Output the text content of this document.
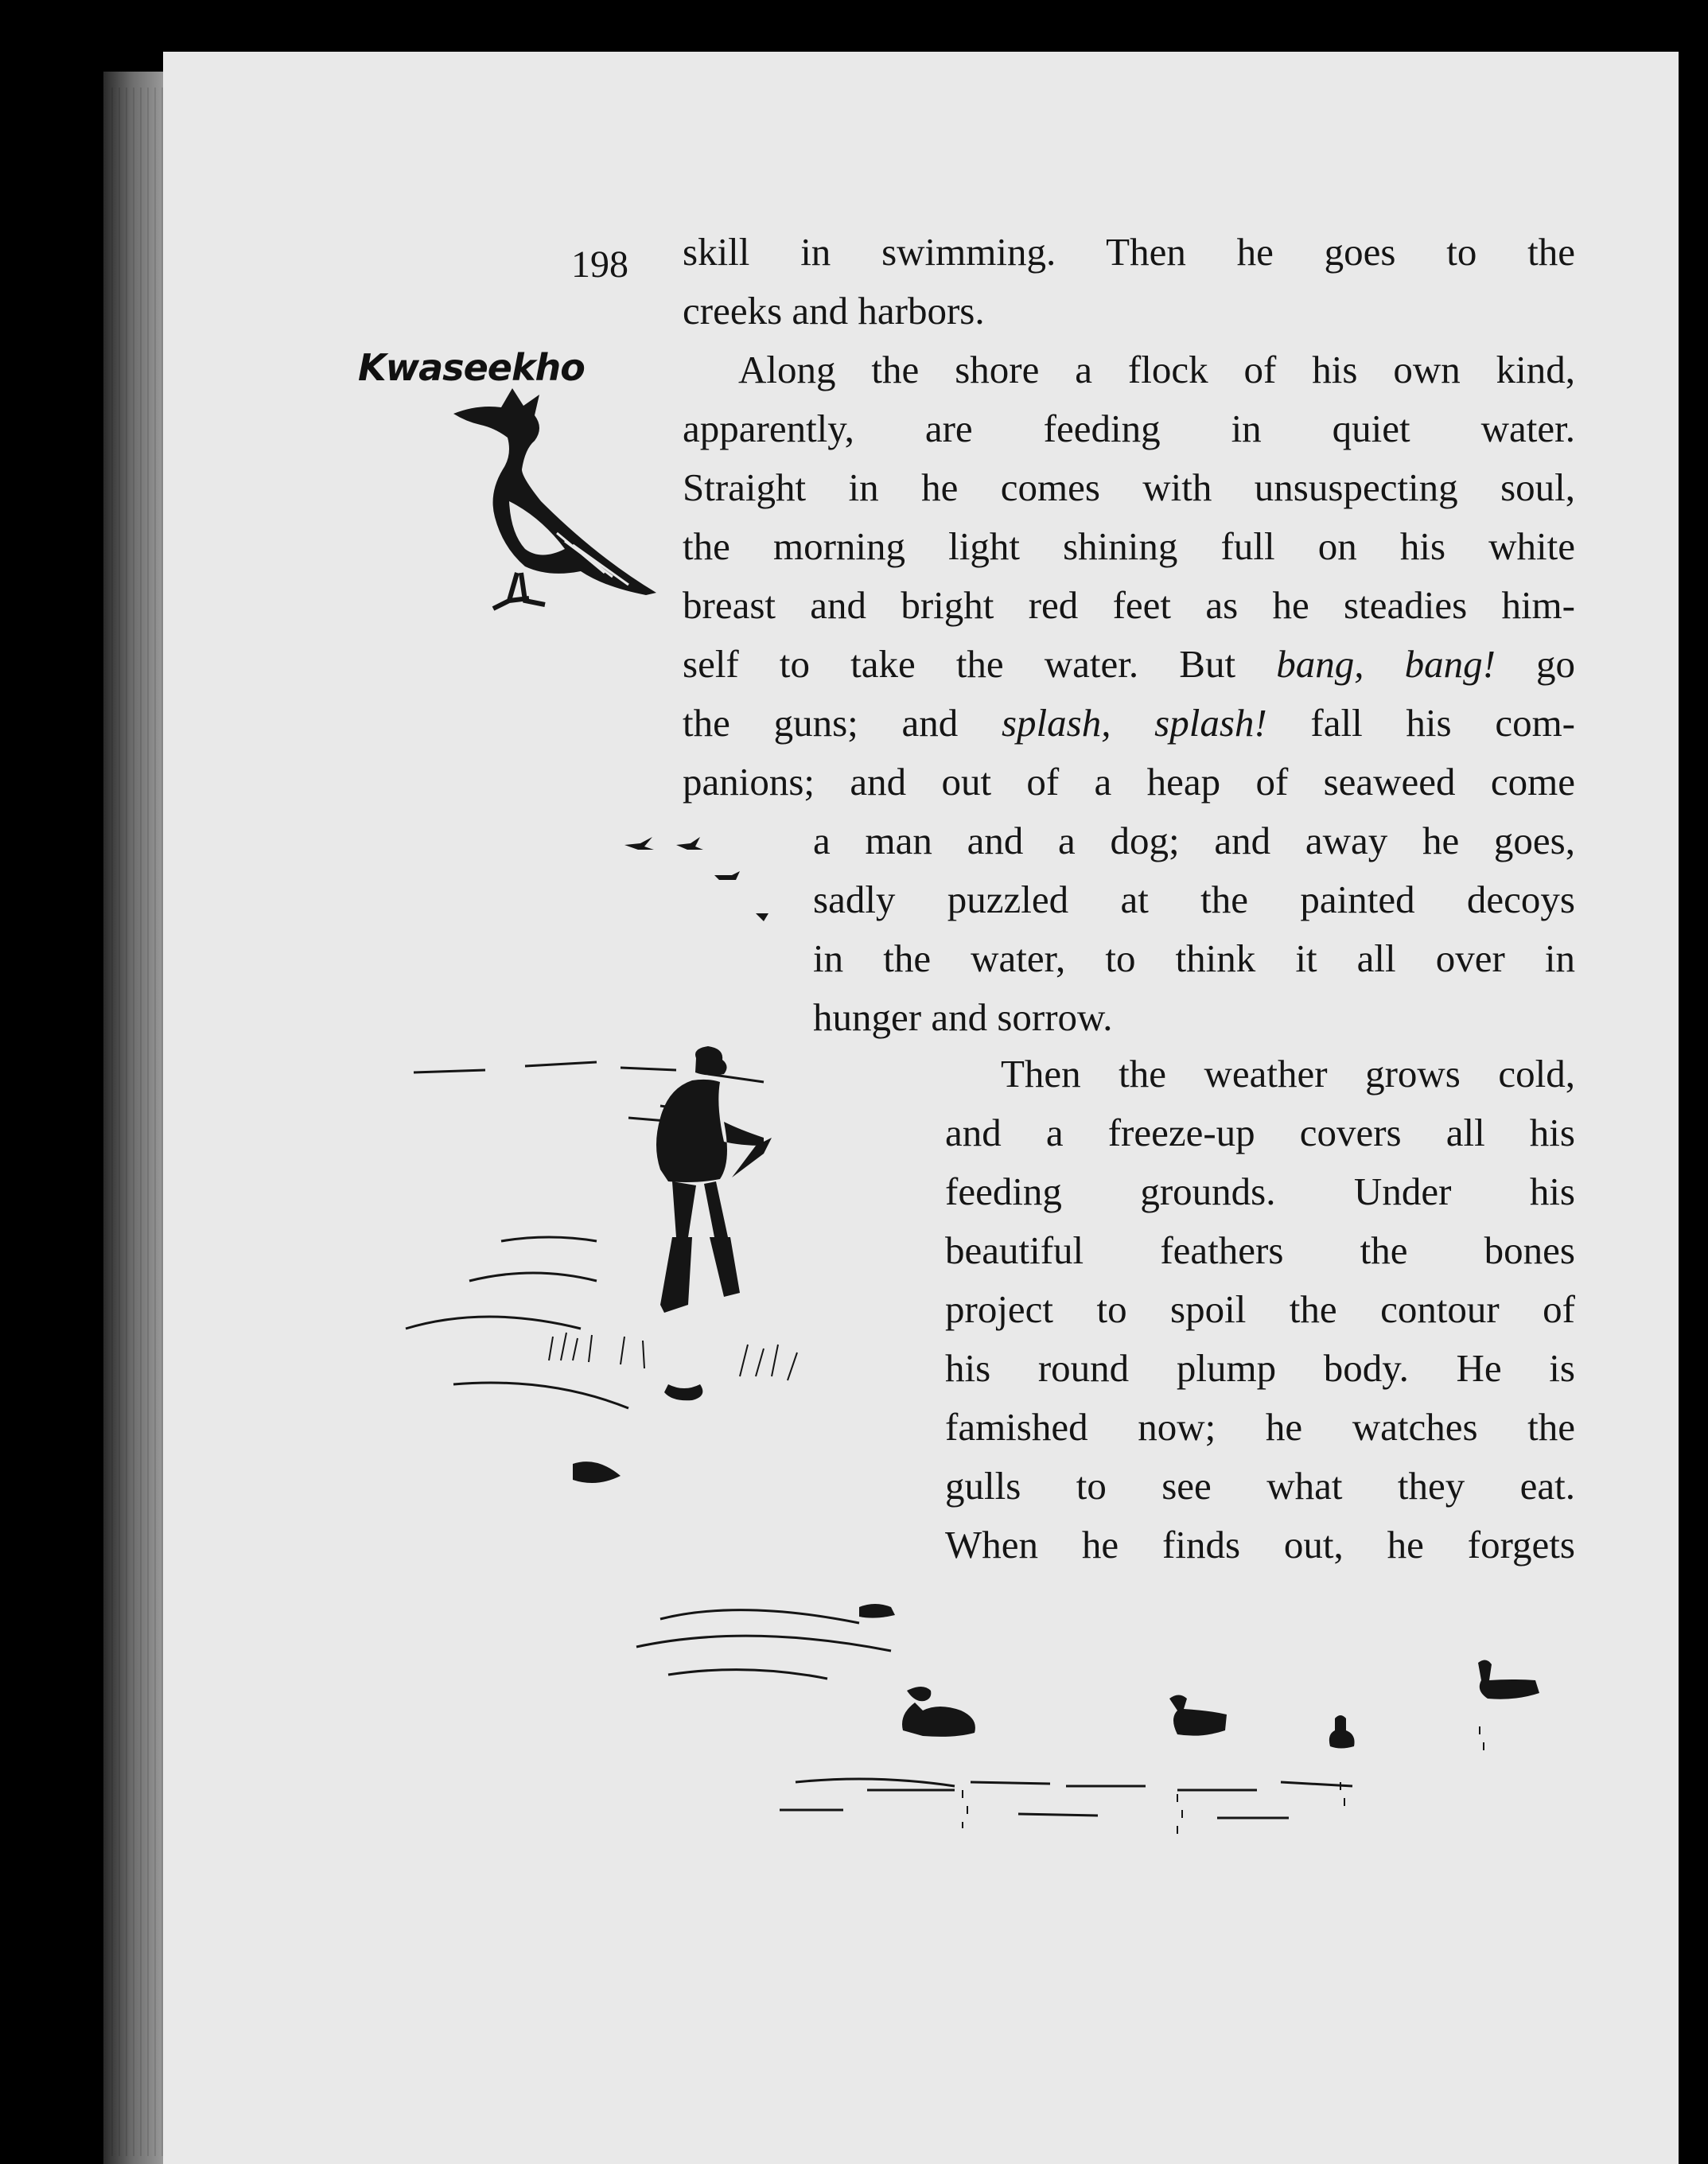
198
Kwaseekho
skill in swimming. Then he goes to the
creeks and harbors.
Along the shore a flock of his own kind,
apparently, are feeding in quiet water.
Straight in he comes with unsuspecting soul,
the morning light shining full on his white
breast and bright red feet as he steadies him-
self to take the water. But bang, bang! go
the guns; and splash, splash! fall his com-
panions; and out of a heap of seaweed come
a man and a dog; and away he goes,
sadly puzzled at the painted decoys
in the water, to think it all over in
hunger and sorrow.
Then the weather grows cold,
and a freeze-up covers all his
feeding grounds. Under his
beautiful feathers the bones
project to spoil the contour of
his round plump body. He is
famished now; he watches the
gulls to see what they eat.
When he finds out, he forgets
